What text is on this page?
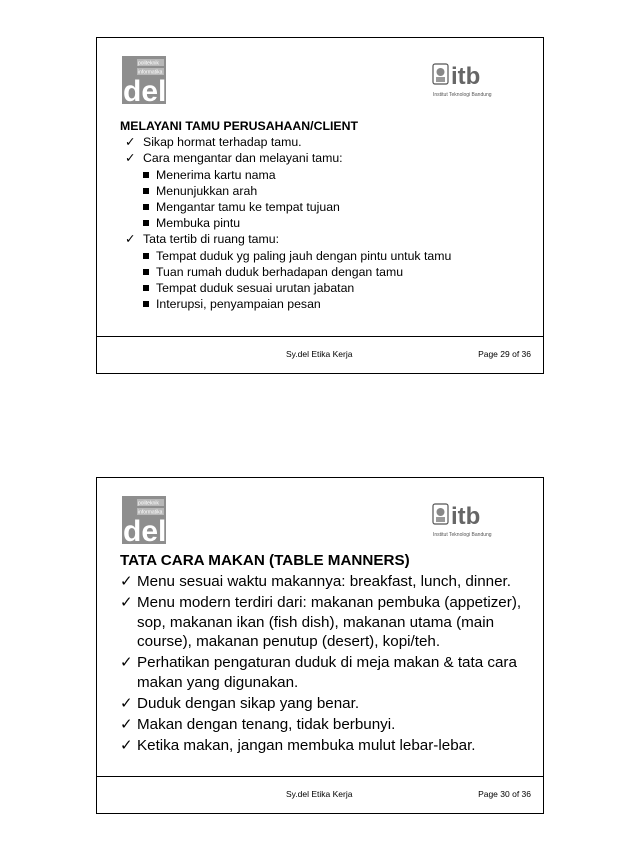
politeknik
informatika
del	itb
Institut Teknologi Bandung
MELAYANI TAMU PERUSAHAAN/CLIENT
✓ Sikap hormat terhadap tamu.
✓ Cara mengantar dan melayani tamu:
Menerima kartu nama
Menunjukkan arah
Mengantar tamu ke tempat tujuan
Membuka pintu
✓ Tata tertib di ruang tamu:
Tempat duduk yg paling jauh dengan pintu untuk tamu
Tuan rumah duduk berhadapan dengan tamu
Tempat duduk sesuai urutan jabatan
Interupsi, penyampaian pesan
Sy.del Etika Kerja	Page 29 of 36
politeknik
informatika
del	itb
Institut Teknologi Bandung
TATA CARA MAKAN (TABLE MANNERS)
✓ Menu sesuai waktu makannya: breakfast, lunch, dinner.
✓ Menu modern terdiri dari: makanan pembuka (appetizer), sop, makanan ikan (fish dish), makanan utama (main course), makanan penutup (desert), kopi/teh.
✓ Perhatikan pengaturan duduk di meja makan & tata cara makan yang digunakan.
✓ Duduk dengan sikap yang benar.
✓ Makan dengan tenang, tidak berbunyi.
✓ Ketika makan, jangan membuka mulut lebar-lebar.
Sy.del Etika Kerja	Page 30 of 36
